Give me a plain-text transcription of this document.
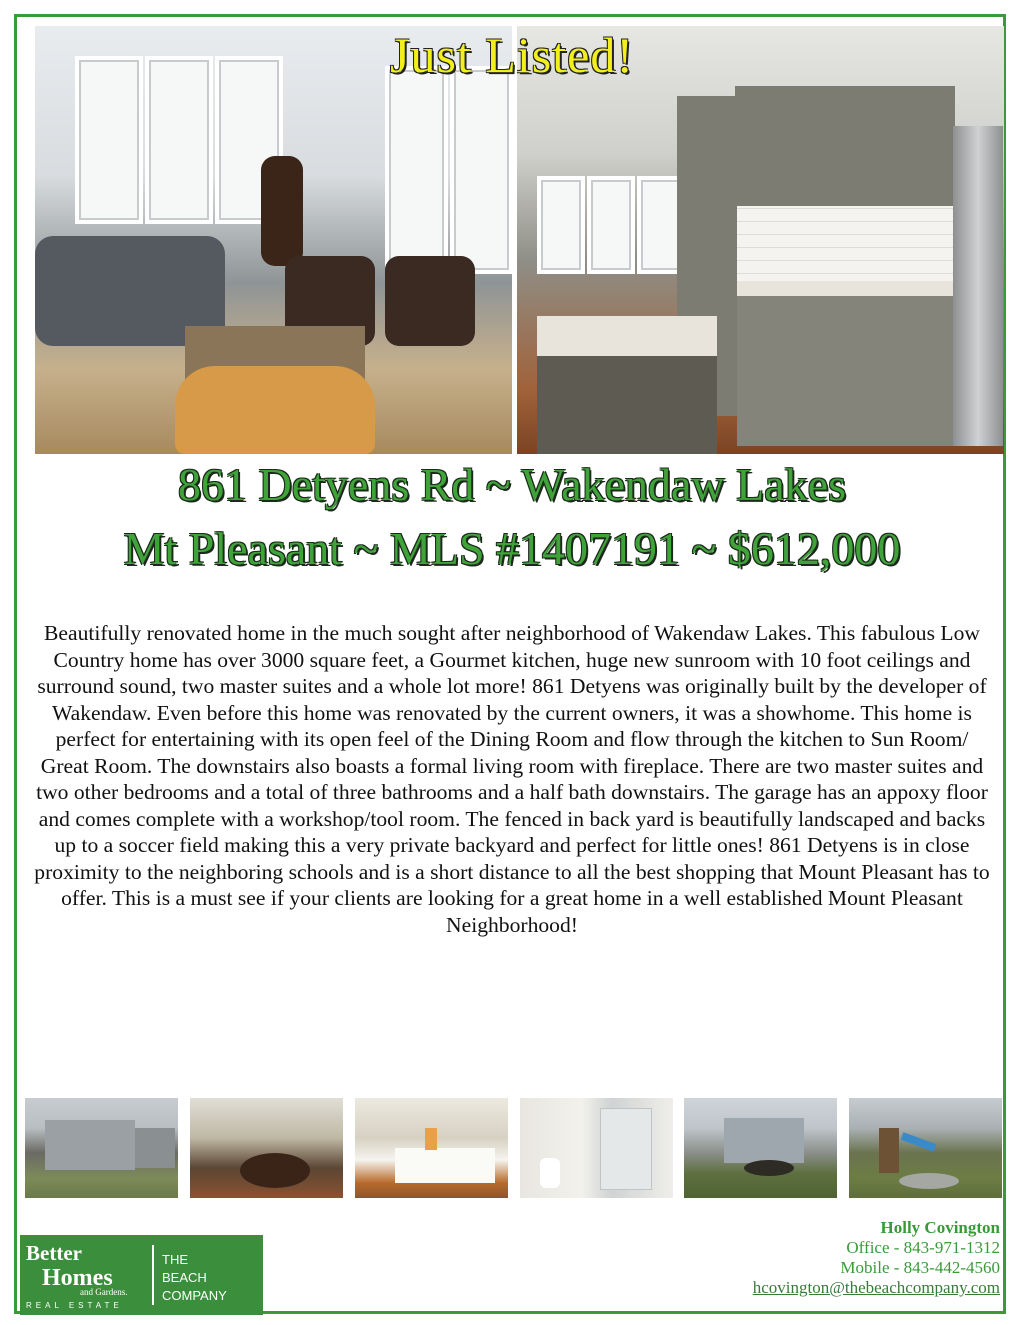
Just Listed!
861 Detyens Rd ~ Wakendaw Lakes
Mt Pleasant ~ MLS #1407191 ~ $612,000

Beautifully renovated home in the much sought after neighborhood of Wakendaw Lakes. This fabulous Low Country home has over 3000 square feet, a Gourmet kitchen, huge new sunroom with 10 foot ceilings and surround sound, two master suites and a whole lot more! 861 Detyens was originally built by the developer of Wakendaw. Even before this home was renovated by the current owners, it was a showhome. This home is perfect for entertaining with its open feel of the Dining Room and flow through the kitchen to Sun Room/ Great Room. The downstairs also boasts a formal living room with fireplace. There are two master suites and two other bedrooms and a total of three bathrooms and a half bath downstairs. The garage has an appoxy floor and comes complete with a workshop/tool room. The fenced in back yard is beautifully landscaped and backs up to a soccer field making this a very private backyard and perfect for little ones! 861 Detyens is in close proximity to the neighboring schools and is a short distance to all the best shopping that Mount Pleasant has to offer. This is a must see if your clients are looking for a great home in a well established Mount Pleasant Neighborhood!

Better
Homes
and Gardens.
REAL ESTATE
THE
BEACH
COMPANY
Holly Covington
Office - 843-971-1312
Mobile - 843-442-4560
hcovington@thebeachcompany.com
